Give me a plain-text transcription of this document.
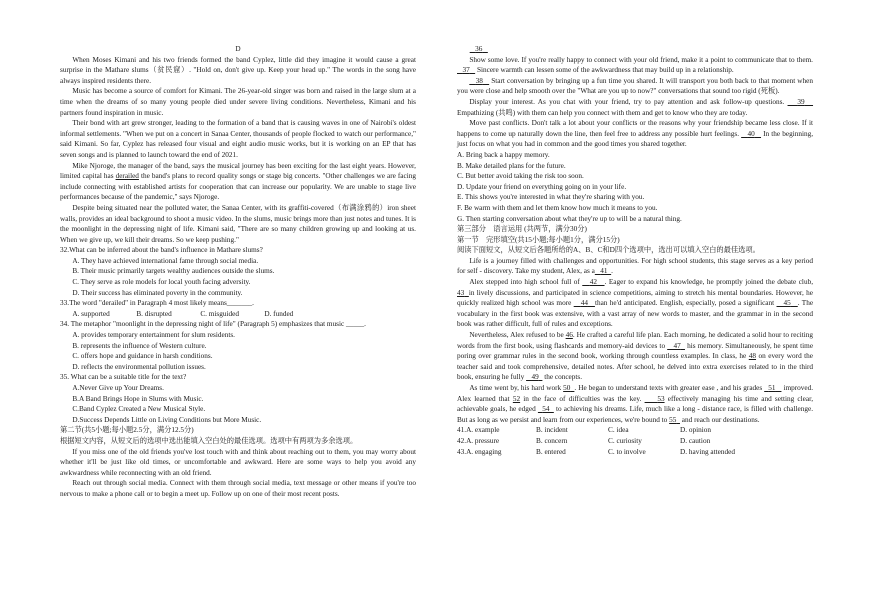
D

When Moses Kimani and his two friends formed the band Cyplez, little did they imagine it would cause a great surprise in the Mathare slums（贫民窟）. "Hold on, don't give up. Keep your head up." The words in the song have always inspired residents there.

Music has become a source of comfort for Kimani. The 26-year-old singer was born and raised in the large slum at a time when the dreams of so many young people died under severe living conditions. Nevertheless, Kimani and his partners found inspiration in music.

Their bond with art grew stronger, leading to the formation of a band that is causing waves in one of Nairobi's oldest informal settlements. "When we put on a concert in Sanaa Center, thousands of people flocked to watch our performance," said Kimani. So far, Cyplez has released four visual and eight audio music works, but it is working on an EP that has seven songs and is planned to launch toward the end of 2021.

Mike Njoroge, the manager of the band, says the musical journey has been exciting for the last eight years. However, limited capital has derailed the band's plans to record quality songs or stage big concerts. "Other challenges we are facing include connecting with established artists for cooperation that can increase our popularity. We are unable to stage live performances because of the pandemic," says Njoroge.

Despite being situated near the polluted water, the Sanaa Center, with its graffiti-covered（布满涂鸦的）iron sheet walls, provides an ideal background to shoot a music video. In the slums, music brings more than just notes and tunes. It is the moonlight in the depressing night of life. Kimani said, "There are so many children growing up and looking at us. When we give up, we kill their dreams. So we keep pushing."

32.What can be inferred about the band's influence in Mathare slums?

A. They have achieved international fame through social media.

B. Their music primarily targets wealthy audiences outside the slums.

C. They serve as role models for local youth facing adversity.

D. Their success has eliminated poverty in the community.

33.The word "derailed" in Paragraph 4 most likely means_______.

A. supported	B. disrupted	C. misguided	D. funded

34. The metaphor "moonlight in the depressing night of life" (Paragraph 5) emphasizes that music _____.

A. provides temporary entertainment for slum residents.

B. represents the influence of Western culture.

C. offers hope and guidance in harsh conditions.

D. reflects the environmental pollution issues.

35. What can be a suitable title for the text?

A.Never Give up Your Dreams.

B.A Band Brings Hope in Slums with Music.

C.Band Cyplez Created a New Musical Style.

D.Success Depends Little on Living Conditions but More Music.

第二节(共5小题;每小题2.5分，满分12.5分)

根据短文内容，从短文后的选项中选出能填入空白处的最佳选项。选项中有两项为多余选项。

If you miss one of the old friends you've lost touch with and think about reaching out to them, you may worry about whether it'll be just like old times, or uncomfortable and awkward. Here are some ways to help you avoid any awkwardness while reconnecting with an old friend.

Reach out through social media. Connect with them through social media, text message or other means if you're too nervous to make a phone call or to begin a meet up. Follow up on one of their most recent posts.

36

Show some love. If you're really happy to connect with your old friend, make it a point to communicate that to them.    37 Sincere warmth can lessen some of the awkwardness that may build up in a relationship.

38 Start conversation by bringing up a fun time you shared. It will transport you both back to that moment when you were close and help smooth over the "What are you up to now?" conversations that sound too rigid (死板).

Display your interest. As you chat with your friend, try to pay attention and ask follow-up questions. 39    Empathizing (共鸣) with them can help you connect with them and get to know who they are today.

Move past conflicts. Don't talk a lot about your conflicts or the reasons why your friendship became less close. If it happens to come up naturally down the line, then feel free to address any possible hurt feelings. 40 In the beginning, just focus on what you had in common and the good times you shared together.

A. Bring back a happy memory.

B. Make detailed plans for the future.

C. But better avoid taking the risk too soon.

D. Update your friend on everything going on in your life.

E. This shows you're interested in what they're sharing with you.

F. Be warm with them and let them know how much it means to you.

G. Then starting conversation about what they're up to will be a natural thing.

第三部分　语言运用 (共两节，满分30分)

第一节　完形填空(共15小题;每小题1分，满分15分)

阅读下面短文，从短文后各题所给的A、B、C和D四个选项中，选出可以填入空白的最佳选项。

Life is a journey filled with challenges and opportunities. For high school students, this stage serves as a key period for self - discovery. Take my student, Alex, as a 41 .

Alex stepped into high school full of 42 . Eager to expand his knowledge, he promptly joined the debate club, 43 in lively discussions, and participated in science competitions, aiming to stretch his mental boundaries. However, he quickly realized high school was more 44 than he'd anticipated. English, especially, posed a significant 45 . The vocabulary in the first book was extensive, with a vast array of new words to master, and the grammar in in the second book was rather difficult, full of rules and exceptions.

Nevertheless, Alex refused to be 46. He crafted a careful life plan. Each morning, he dedicated a solid hour to reciting words from the first book, using flashcards and memory-aid devices to 47 his memory. Simultaneously, he spent time poring over grammar rules in the second book, working through countless examples. In class, he 48 on every word the teacher said and took comprehensive, detailed notes. After school, he delved into extra exercises related to in the third book, ensuring he fully 49 the concepts.

As time went by, his hard work 50 . He began to understand texts with greater ease , and his grades 51 improved. Alex learned that 52 in the face of difficulties was the key. 53 effectively managing his time and setting clear, achievable goals, he edged 54 to achieving his dreams. Life, much like a long - distance race, is filled with challenge. But as long as we persist and learn from our experiences, we're bound to 55 and reach our destinations.

41.A. example	B. incident	C. idea	D. opinion
42.A. pressure	B. concern	C. curiosity	D. caution
43.A. engaging	B. entered	C. to involve	D. having attended
